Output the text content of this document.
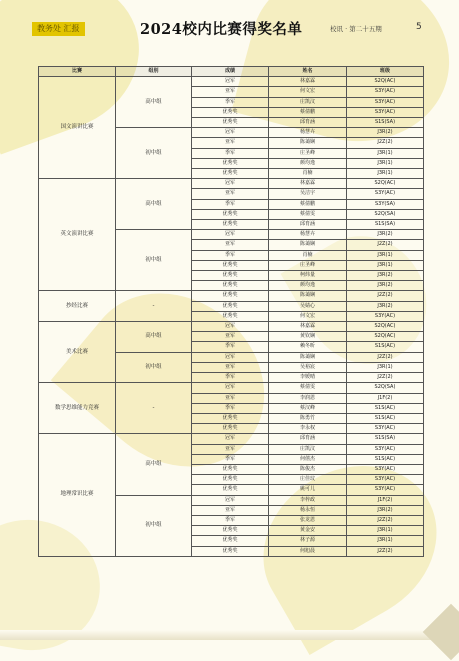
教务处 汇报	2024校内比赛得奖名单	校讯 · 第二十五期	5
比赛	组别	成绩	姓名	班级
国文演讲比赛	高中组	冠军	林嘉霖	S2Q(AC)
		亚军	何文宏	S3Y(AC)
		季军	庄凯汶	S3Y(AC)
		优秀奖	蔡倩鹏	S3Y(AC)
		优秀奖	邱育涵	S1S(SA)
	初中组	冠军	杨慧卉	J3R(2)
		亚军	陈蔼娴	J2Z(2)
		季军	庄圣峰	J3R(1)
		优秀奖	颜均逸	J3R(1)
		优秀奖	肖楠	J3R(1)
英文演讲比赛	高中组	冠军	林嘉霖	S2Q(AC)
		亚军	吴洁宇	S3Y(AC)
		季军	蔡倩鹏	S3Y(SA)
		优秀奖	蔡倩雯	S2Q(SA)
		优秀奖	邱育涵	S1S(SA)
	初中组	冠军	杨慧卉	J3R(2)
		亚军	陈蔼娴	J2Z(2)
		季军	肖楠	J3R(1)
		优秀奖	庄圣峰	J3R(1)
		优秀奖	柯炜量	J3R(2)
		优秀奖	颜均逸	J3R(2)
抄经比赛	-	优秀奖	陈蔼娴	J2Z(2)
		优秀奖	吴婧心	J3R(2)
		优秀奖	何文宏	S3Y(AC)
美术比赛	高中组	冠军	林嘉霖	S2Q(AC)
		亚军	黄钦娴	S2Q(AC)
		季军	赖冬昕	S1S(AC)
	初中组	冠军	陈蔼娴	J2Z(2)
		亚军	吴裕宸	J3R(1)
		季军	李媛晴	J2Z(2)
数学思维能力竞赛	-	冠军	蔡倩雯	S2Q(SA)
		亚军	李润恩	J1F(2)
		季军	蔡汉峰	S1S(AC)
		优秀奖	陈勇竹	S1S(AC)
		优秀奖	李永权	S3Y(AC)
地理常识比赛	高中组	冠军	邱育涵	S1S(SA)
		亚军	庄凯汶	S3Y(AC)
		季军	何僖杰	S1S(AC)
		优秀奖	陈俊杰	S3Y(AC)
		优秀奖	庄佳玟	S3Y(AC)
		优秀奖	姚可儿	S3Y(AC)
	初中组	冠军	李梓政	J1F(2)
		亚军	杨永恒	J3R(2)
		季军	张龙恩	J2Z(2)
		优秀奖	黄金安	J3R(1)
		优秀奖	林子源	J3R(1)
		优秀奖	何旭晨	J2Z(2)
